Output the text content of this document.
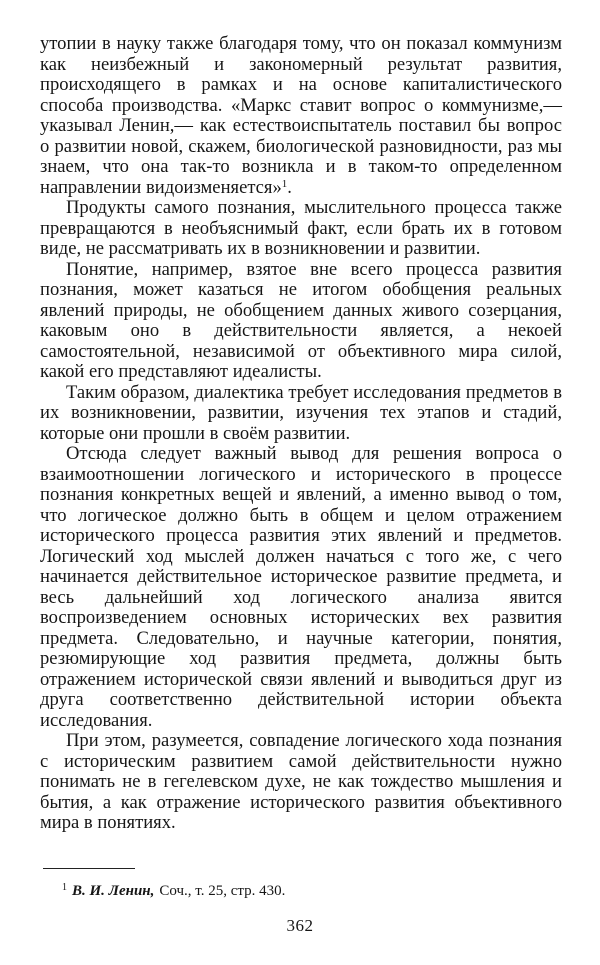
утопии в науку также благодаря тому, что он показал коммунизм как неизбежный и закономерный результат развития, происходящего в рамках и на основе капиталистического способа производства. «Маркс ставит вопрос о коммунизме,— указывал Ленин,— как естествоиспытатель поставил бы вопрос о развитии новой, скажем, биологической разновидности, раз мы знаем, что она так-то возникла и в таком-то определенном направлении видоизменяется»$^1$.

Продукты самого познания, мыслительного процесса также превращаются в необъяснимый факт, если брать их в готовом виде, не рассматривать их в возникновении и развитии.

Понятие, например, взятое вне всего процесса развития познания, может казаться не итогом обобщения реальных явлений природы, не обобщением данных живого созерцания, каковым оно в действительности является, а некоей самостоятельной, независимой от объективного мира силой, какой его представляют идеалисты.

Таким образом, диалектика требует исследования предметов в их возникновении, развитии, изучения тех этапов и стадий, которые они прошли в своём развитии.

Отсюда следует важный вывод для решения вопроса о взаимоотношении логического и исторического в процессе познания конкретных вещей и явлений, а именно вывод о том, что логическое должно быть в общем и целом отражением исторического процесса развития этих явлений и предметов. Логический ход мыслей должен начаться с того же, с чего начинается действительное историческое развитие предмета, и весь дальнейший ход логического анализа явится воспроизведением основных исторических вех развития предмета. Следовательно, и научные категории, понятия, резюмирующие ход развития предмета, должны быть отражением исторической связи явлений и выводиться друг из друга соответственно действительной истории объекта исследования.

При этом, разумеется, совпадение логического хода познания с историческим развитием самой действительности нужно понимать не в гегелевском духе, не как тождество мышления и бытия, а как отражение исторического развития объективного мира в понятиях.

$^1$ В. И. Ленин, Соч., т. 25, стр. 430.
362
